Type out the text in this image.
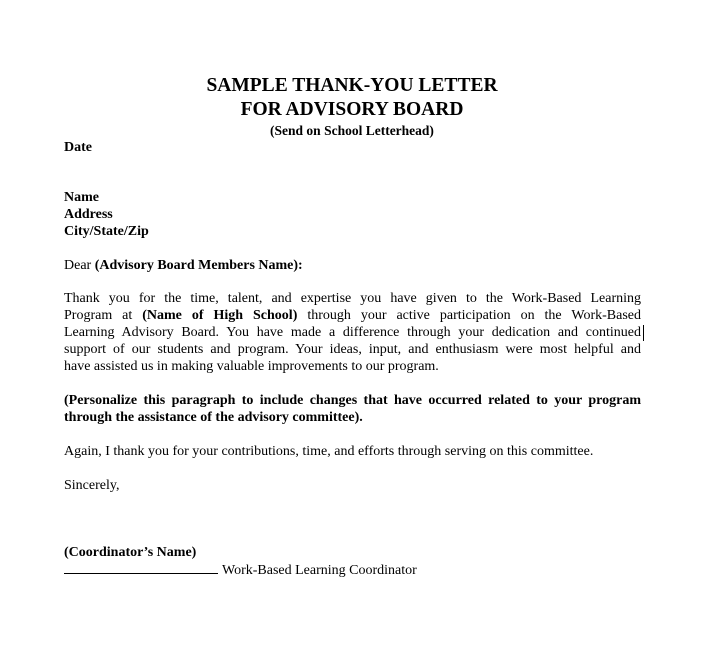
SAMPLE THANK-YOU LETTER
FOR ADVISORY BOARD
(Send on School Letterhead)
Date
Name
Address
City/State/Zip
Dear (Advisory Board Members Name):
Thank you for the time, talent, and expertise you have given to the Work-Based Learning
Program at (Name of High School) through your active participation on the Work-Based
Learning Advisory Board. You have made a difference through your dedication and continued
support of our students and program. Your ideas, input, and enthusiasm were most helpful and
have assisted us in making valuable improvements to our program.
(Personalize this paragraph to include changes that have occurred related to your program
through the assistance of the advisory committee).
Again, I thank you for your contributions, time, and efforts through serving on this committee.
Sincerely,
(Coordinator’s Name)
Work-Based Learning Coordinator
